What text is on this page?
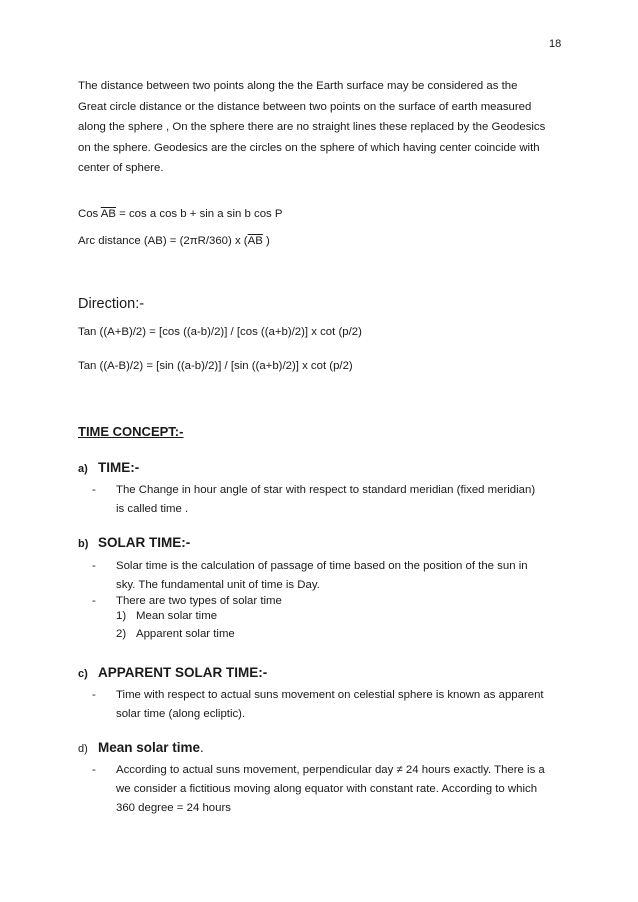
18
The distance between two points along the the Earth surface may be considered as the
Great circle distance or the distance between two points on the surface of earth measured
along the sphere , On the sphere there are no straight lines these replaced by the Geodesics
on the sphere. Geodesics are the circles on the sphere of which having center coincide with
center of sphere.
Cos $\overline{AB} = \cos a$ cos b + sin a sin b cos P
Arc distance (AB) = (2πR/360) x ($\overline{AB}$ )
Direction:-
Tan ((A+B)/2) = [cos ((a-b)/2)] / [cos ((a+b)/2)] x cot (p/2)
Tan ((A-B)/2) = [sin ((a-b)/2)] / [sin ((a+b)/2)] x cot (p/2)
TIME CONCEPT:-
a) TIME:-
- The Change in hour angle of star with respect to standard meridian (fixed meridian)
is called time .
b) SOLAR TIME:-
- Solar time is the calculation of passage of time based on the position of the sun in
sky. The fundamental unit of time is Day.
- There are two types of solar time
1) Mean solar time
2) Apparent solar time
c) APPARENT SOLAR TIME:-
- Time with respect to actual suns movement on celestial sphere is known as apparent
solar time (along ecliptic).
d) Mean solar time.
- According to actual suns movement, perpendicular day ≠ 24 hours exactly. There is a
we consider a fictitious moving along equator with constant rate. According to which
360 degree = 24 hours
